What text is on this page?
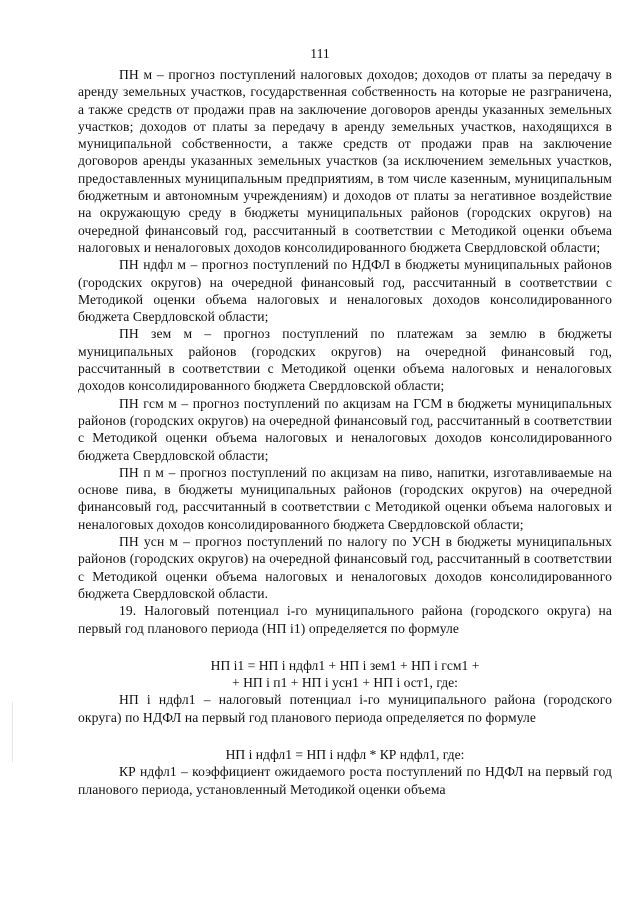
111

ПН м – прогноз поступлений налоговых доходов; доходов от платы за передачу в аренду земельных участков, государственная собственность на которые не разграничена, а также средств от продажи прав на заключение договоров аренды указанных земельных участков; доходов от платы за передачу в аренду земельных участков, находящихся в муниципальной собственности, а также средств от продажи прав на заключение договоров аренды указанных земельных участков (за исключением земельных участков, предоставленных муниципальным предприятиям, в том числе казенным, муниципальным бюджетным и автономным учреждениям) и доходов от платы за негативное воздействие на окружающую среду в бюджеты муниципальных районов (городских округов) на очередной финансовый год, рассчитанный в соответствии с Методикой оценки объема налоговых и неналоговых доходов консолидированного бюджета Свердловской области;

ПН ндфл м – прогноз поступлений по НДФЛ в бюджеты муниципальных районов (городских округов) на очередной финансовый год, рассчитанный в соответствии с Методикой оценки объема налоговых и неналоговых доходов консолидированного бюджета Свердловской области;

ПН зем м – прогноз поступлений по платежам за землю в бюджеты муниципальных районов (городских округов) на очередной финансовый год, рассчитанный в соответствии с Методикой оценки объема налоговых и неналоговых доходов консолидированного бюджета Свердловской области;

ПН гсм м – прогноз поступлений по акцизам на ГСМ в бюджеты муниципальных районов (городских округов) на очередной финансовый год, рассчитанный в соответствии с Методикой оценки объема налоговых и неналоговых доходов консолидированного бюджета Свердловской области;

ПН п м – прогноз поступлений по акцизам на пиво, напитки, изготавливаемые на основе пива, в бюджеты муниципальных районов (городских округов) на очередной финансовый год, рассчитанный в соответствии с Методикой оценки объема налоговых и неналоговых доходов консолидированного бюджета Свердловской области;

ПН усн м – прогноз поступлений по налогу по УСН в бюджеты муниципальных районов (городских округов) на очередной финансовый год, рассчитанный в соответствии с Методикой оценки объема налоговых и неналоговых доходов консолидированного бюджета Свердловской области.

19. Налоговый потенциал i-го муниципального района (городского округа) на первый год планового периода (НП i1) определяется по формуле

НП i1 = НП i ндфл1 + НП i зем1 + НП i гсм1 +

+ НП i п1 + НП i усн1 + НП i ост1, где:

НП i ндфл1 – налоговый потенциал i-го муниципального района (городского округа) по НДФЛ на первый год планового периода определяется по формуле

НП i ндфл1 = НП i ндфл * КР ндфл1, где:

КР ндфл1 – коэффициент ожидаемого роста поступлений по НДФЛ на первый год планового периода, установленный Методикой оценки объема
